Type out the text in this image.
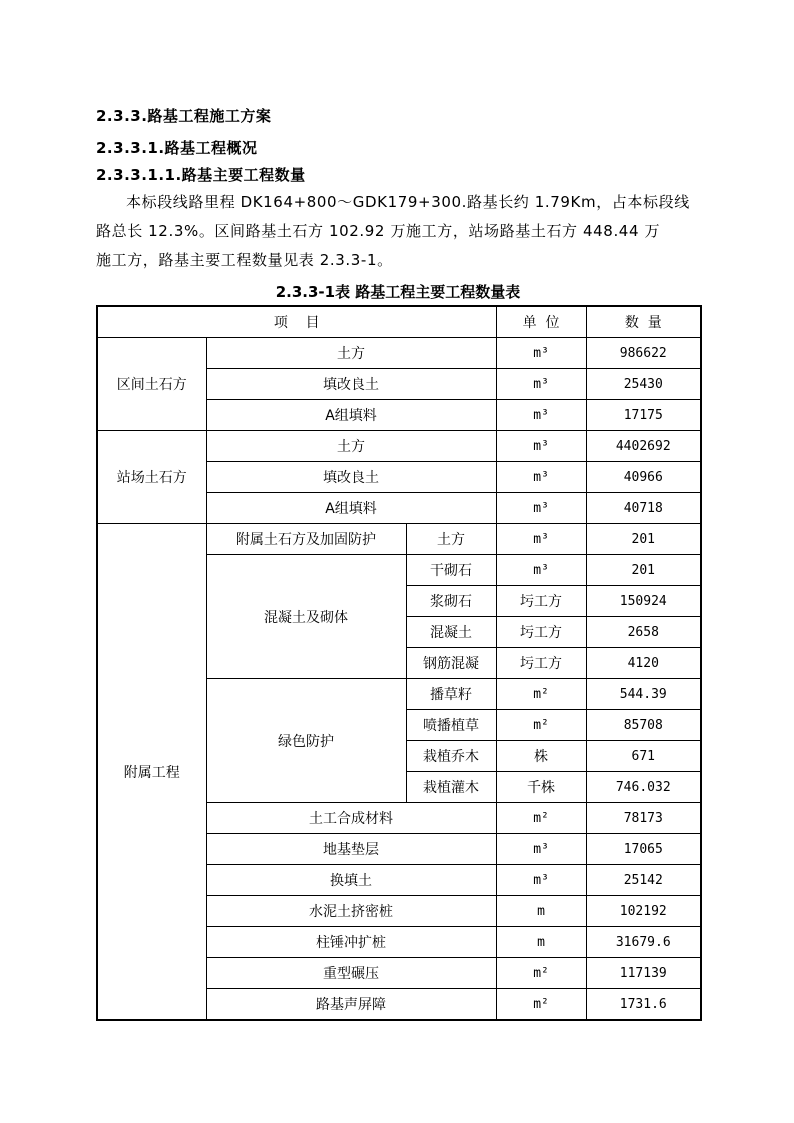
2.3.3.路基工程施工方案
2.3.3.1.路基工程概况
2.3.3.1.1.路基主要工程数量

本标段线路里程 DK164+800～GDK179+300.路基长约 1.79Km，占本标段线

路总长 12.3%。区间路基土石方 102.92 万施工方，站场路基土石方 448.44 万

施工方，路基主要工程数量见表 2.3.3-1。

2.3.3-1表 路基工程主要工程数量表
项    目			单  位	数  量
区间土石方	土方		m³	986622
	填改良土		m³	25430
	A组填料		m³	17175
站场土石方	土方		m³	4402692
	填改良土		m³	40966
	A组填料		m³	40718
附属工程	附属土石方及加固防护	土方	m³	201
	混凝土及砌体	干砌石	m³	201
		浆砌石	圬工方	150924
		混凝土	圬工方	2658
		钢筋混凝	圬工方	4120
	绿色防护	播草籽	m²	544.39
		喷播植草	m²	85708
		栽植乔木	株	671
		栽植灌木	千株	746.032
	土工合成材料		m²	78173
	地基垫层		m³	17065
	换填土		m³	25142
	水泥土挤密桩		m	102192
	柱锤冲扩桩		m	31679.6
	重型碾压		m²	117139
	路基声屏障		m²	1731.6
